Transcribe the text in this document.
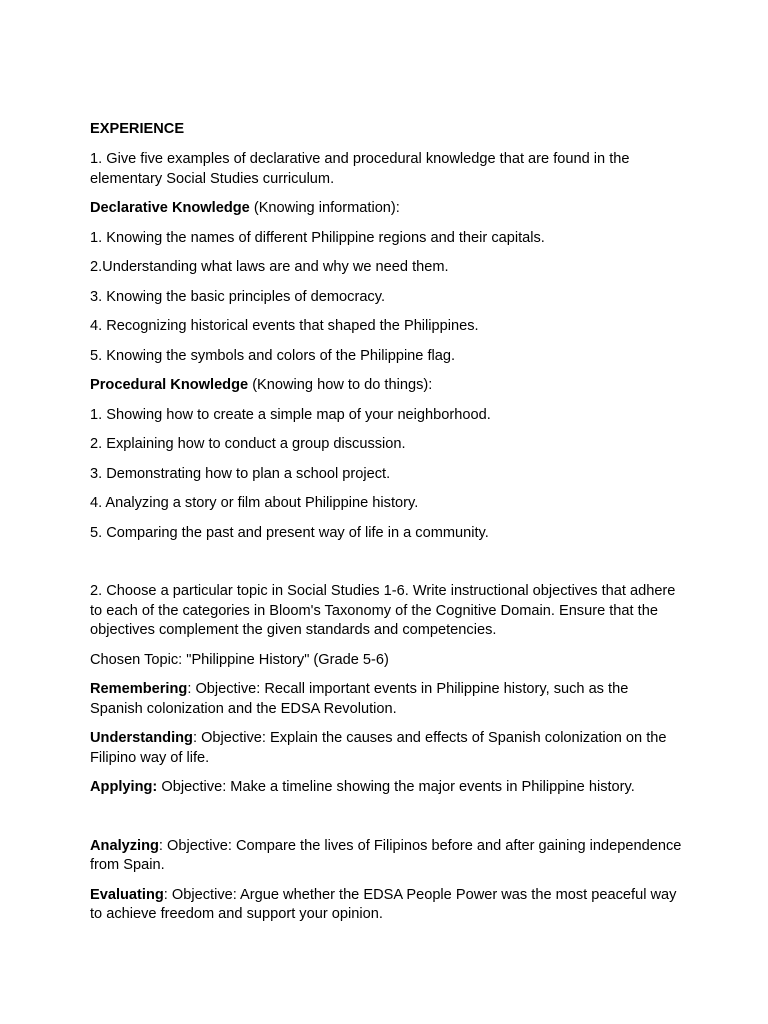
EXPERIENCE

1. Give five examples of declarative and procedural knowledge that are found in the elementary Social Studies curriculum.

Declarative Knowledge (Knowing information):

1. Knowing the names of different Philippine regions and their capitals.

2.Understanding what laws are and why we need them.

3. Knowing the basic principles of democracy.

4. Recognizing historical events that shaped the Philippines.

5. Knowing the symbols and colors of the Philippine flag.

Procedural Knowledge (Knowing how to do things):

1. Showing how to create a simple map of your neighborhood.

2. Explaining how to conduct a group discussion.

3. Demonstrating how to plan a school project.

4. Analyzing a story or film about Philippine history.

5. Comparing the past and present way of life in a community.

2. Choose a particular topic in Social Studies 1-6. Write instructional objectives that adhere to each of the categories in Bloom's Taxonomy of the Cognitive Domain. Ensure that the objectives complement the given standards and competencies.

Chosen Topic: "Philippine History" (Grade 5-6)

Remembering: Objective: Recall important events in Philippine history, such as the Spanish colonization and the EDSA Revolution.

Understanding: Objective: Explain the causes and effects of Spanish colonization on the Filipino way of life.

Applying: Objective: Make a timeline showing the major events in Philippine history.

Analyzing: Objective: Compare the lives of Filipinos before and after gaining independence from Spain.

Evaluating: Objective: Argue whether the EDSA People Power was the most peaceful way to achieve freedom and support your opinion.
